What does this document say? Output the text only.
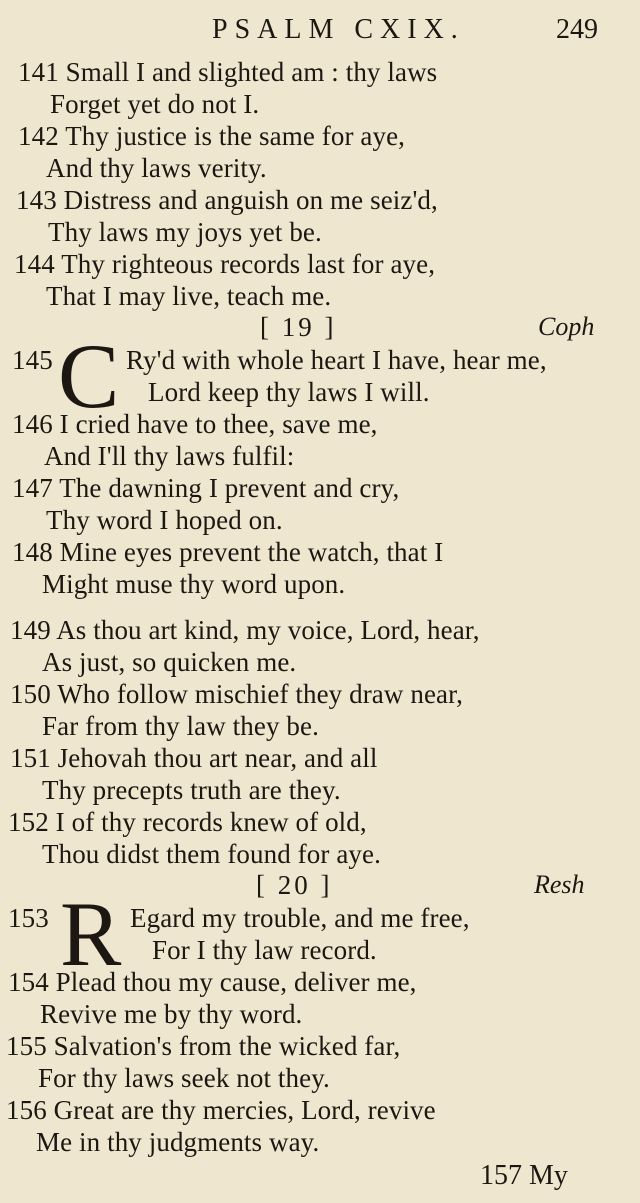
PSALM CXIX.	249
141 Small I and slighted am : thy laws
Forget yet do not I.
142 Thy justice is the same for aye,
And thy laws verity.
143 Distress and anguish on me seiz'd,
Thy laws my joys yet be.
144 Thy righteous records last for aye,
That I may live, teach me.
[ 19 ]	Coph
145 C Ry'd with whole heart I have, hear me,
Lord keep thy laws I will.
146 I cried have to thee, save me,
And I'll thy laws fulfil:
147 The dawning I prevent and cry,
Thy word I hoped on.
148 Mine eyes prevent the watch, that I
Might muse thy word upon.
149 As thou art kind, my voice, Lord, hear,
As just, so quicken me.
150 Who follow mischief they draw near,
Far from thy law they be.
151 Jehovah thou art near, and all
Thy precepts truth are they.
152 I of thy records knew of old,
Thou didst them found for aye.
[ 20 ]	Resh
153 R Egard my trouble, and me free,
For I thy law record.
154 Plead thou my cause, deliver me,
Revive me by thy word.
155 Salvation's from the wicked far,
For thy laws seek not they.
156 Great are thy mercies, Lord, revive
Me in thy judgments way.
157 My
